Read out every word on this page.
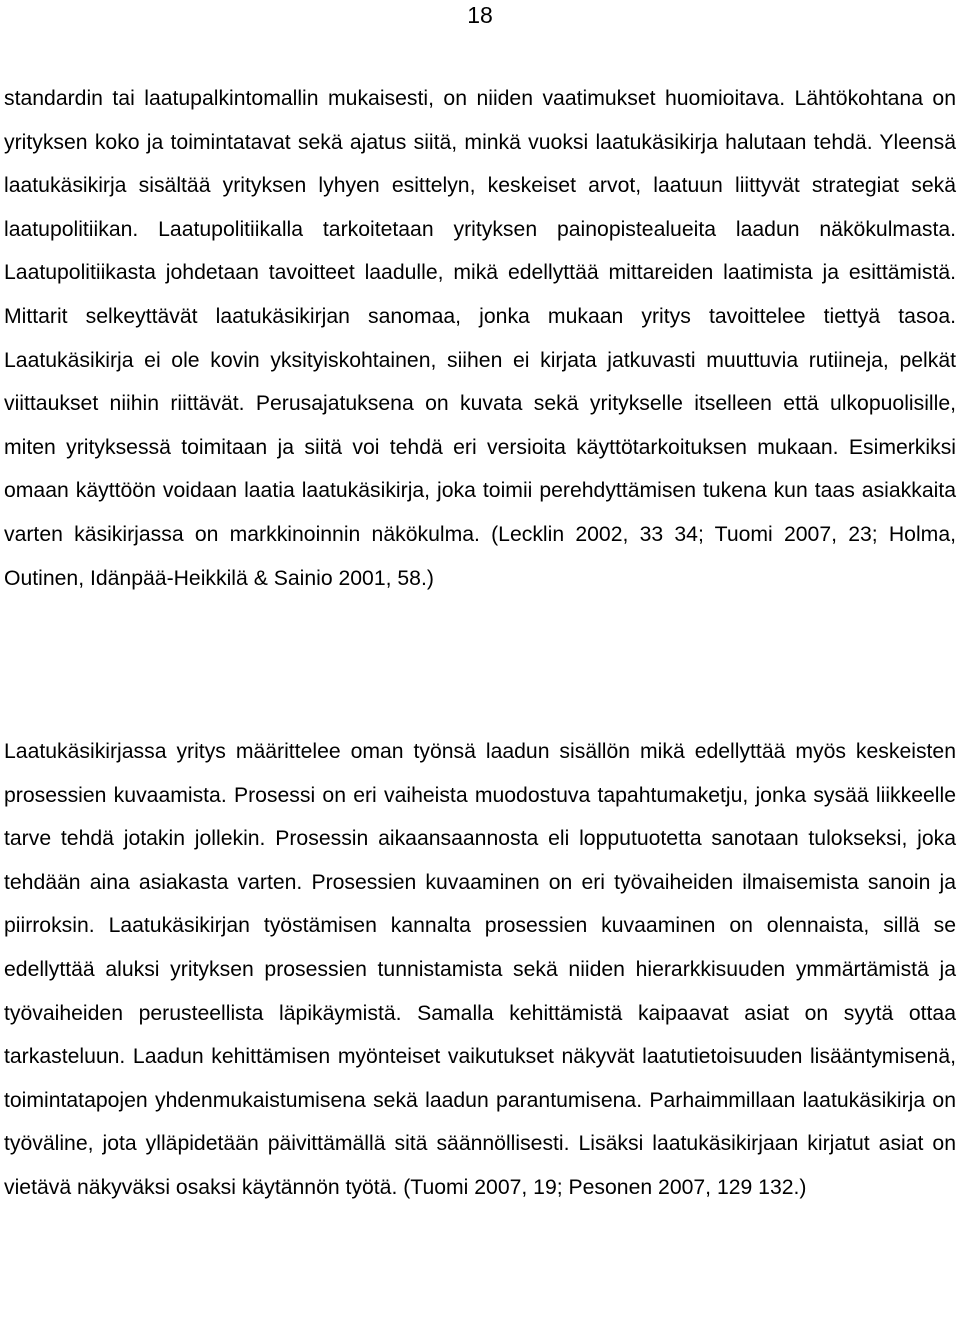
18

standardin tai laatupalkintomallin mukaisesti, on niiden vaatimukset huomioitava. Lähtökohtana on yrityksen koko ja toimintatavat sekä ajatus siitä, minkä vuoksi laatukäsikirja halutaan tehdä. Yleensä laatukäsikirja sisältää yrityksen lyhyen esittelyn, keskeiset arvot, laatuun liittyvät strategiat sekä laatupolitiikan. Laatupolitiikalla tarkoitetaan yrityksen painopistealueita laadun näkökulmasta. Laatupolitiikasta johdetaan tavoitteet laadulle, mikä edellyttää mittareiden laatimista ja esittämistä. Mittarit selkeyttävät laatukäsikirjan sanomaa, jonka mukaan yritys tavoittelee tiettyä tasoa. Laatukäsikirja ei ole kovin yksityiskohtainen, siihen ei kirjata jatkuvasti muuttuvia rutiineja, pelkät viittaukset niihin riittävät. Perusajatuksena on kuvata sekä yritykselle itselleen että ulkopuolisille, miten yrityksessä toimitaan ja siitä voi tehdä eri versioita käyttötarkoituksen mukaan. Esimerkiksi omaan käyttöön voidaan laatia laatukäsikirja, joka toimii perehdyttämisen tukena kun taas asiakkaita varten käsikirjassa on markkinoinnin näkökulma. (Lecklin 2002, 33 34; Tuomi 2007, 23; Holma, Outinen, Idänpää-Heikkilä & Sainio 2001, 58.)

Laatukäsikirjassa yritys määrittelee oman työnsä laadun sisällön mikä edellyttää myös keskeisten prosessien kuvaamista. Prosessi on eri vaiheista muodostuva tapahtumaketju, jonka sysää liikkeelle tarve tehdä jotakin jollekin. Prosessin aikaansaannosta eli lopputuotetta sanotaan tulokseksi, joka tehdään aina asiakasta varten. Prosessien kuvaaminen on eri työvaiheiden ilmaisemista sanoin ja piirroksin. Laatukäsikirjan työstämisen kannalta prosessien kuvaaminen on olennaista, sillä se edellyttää aluksi yrityksen prosessien tunnistamista sekä niiden hierarkkisuuden ymmärtämistä ja työvaiheiden perusteellista läpikäymistä. Samalla kehittämistä kaipaavat asiat on syytä ottaa tarkasteluun. Laadun kehittämisen myönteiset vaikutukset näkyvät laatutietoisuuden lisääntymisenä, toimintatapojen yhdenmukaistumisena sekä laadun parantumisena. Parhaimmillaan laatukäsikirja on työväline, jota ylläpidetään päivittämällä sitä säännöllisesti. Lisäksi laatukäsikirjaan kirjatut asiat on vietävä näkyväksi osaksi käytännön työtä. (Tuomi 2007, 19; Pesonen 2007, 129 132.)
